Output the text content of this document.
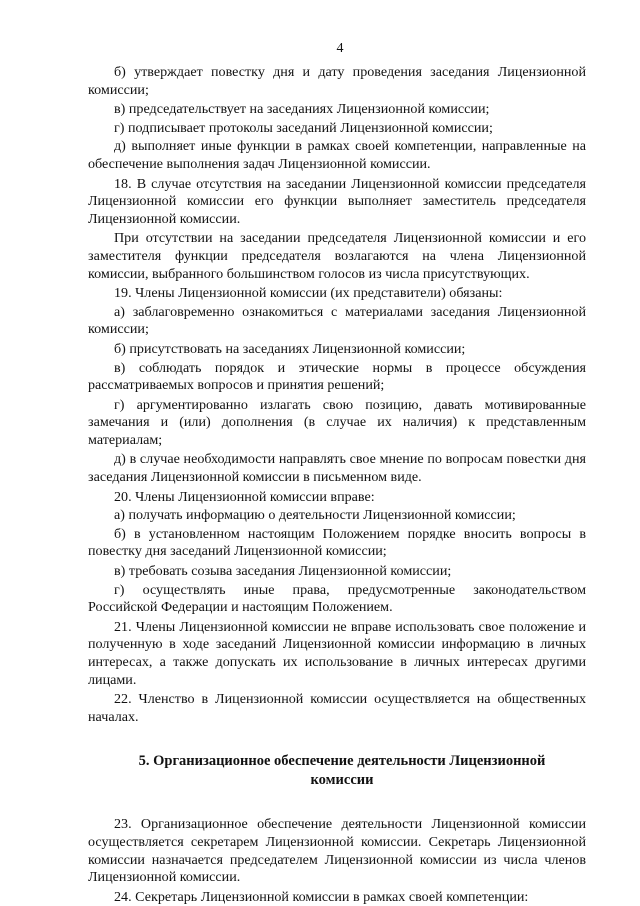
4

б) утверждает повестку дня и дату проведения заседания Лицензионной комиссии;

в) председательствует на заседаниях Лицензионной комиссии;

г) подписывает протоколы заседаний Лицензионной комиссии;

д) выполняет иные функции в рамках своей компетенции, направленные на обеспечение выполнения задач Лицензионной комиссии.

18. В случае отсутствия на заседании Лицензионной комиссии председателя Лицензионной комиссии его функции выполняет заместитель председателя Лицензионной комиссии.

При отсутствии на заседании председателя Лицензионной комиссии и его заместителя функции председателя возлагаются на члена Лицензионной комиссии, выбранного большинством голосов из числа присутствующих.

19. Члены Лицензионной комиссии (их представители) обязаны:

а) заблаговременно ознакомиться с материалами заседания Лицензионной комиссии;

б) присутствовать на заседаниях Лицензионной комиссии;

в) соблюдать порядок и этические нормы в процессе обсуждения рассматриваемых вопросов и принятия решений;

г) аргументированно излагать свою позицию, давать мотивированные замечания и (или) дополнения (в случае их наличия) к представленным материалам;

д) в случае необходимости направлять свое мнение по вопросам повестки дня заседания Лицензионной комиссии в письменном виде.

20. Члены Лицензионной комиссии вправе:

а) получать информацию о деятельности Лицензионной комиссии;

б) в установленном настоящим Положением порядке вносить вопросы в повестку дня заседаний Лицензионной комиссии;

в) требовать созыва заседания Лицензионной комиссии;

г) осуществлять иные права, предусмотренные законодательством Российской Федерации и настоящим Положением.

21. Члены Лицензионной комиссии не вправе использовать свое положение и полученную в ходе заседаний Лицензионной комиссии информацию в личных интересах, а также допускать их использование в личных интересах другими лицами.

22. Членство в Лицензионной комиссии осуществляется на общественных началах.

5. Организационное обеспечение деятельности Лицензионной
комиссии

23. Организационное обеспечение деятельности Лицензионной комиссии осуществляется секретарем Лицензионной комиссии. Секретарь Лицензионной комиссии назначается председателем Лицензионной комиссии из числа членов Лицензионной комиссии.

24. Секретарь Лицензионной комиссии в рамках своей компетенции:
